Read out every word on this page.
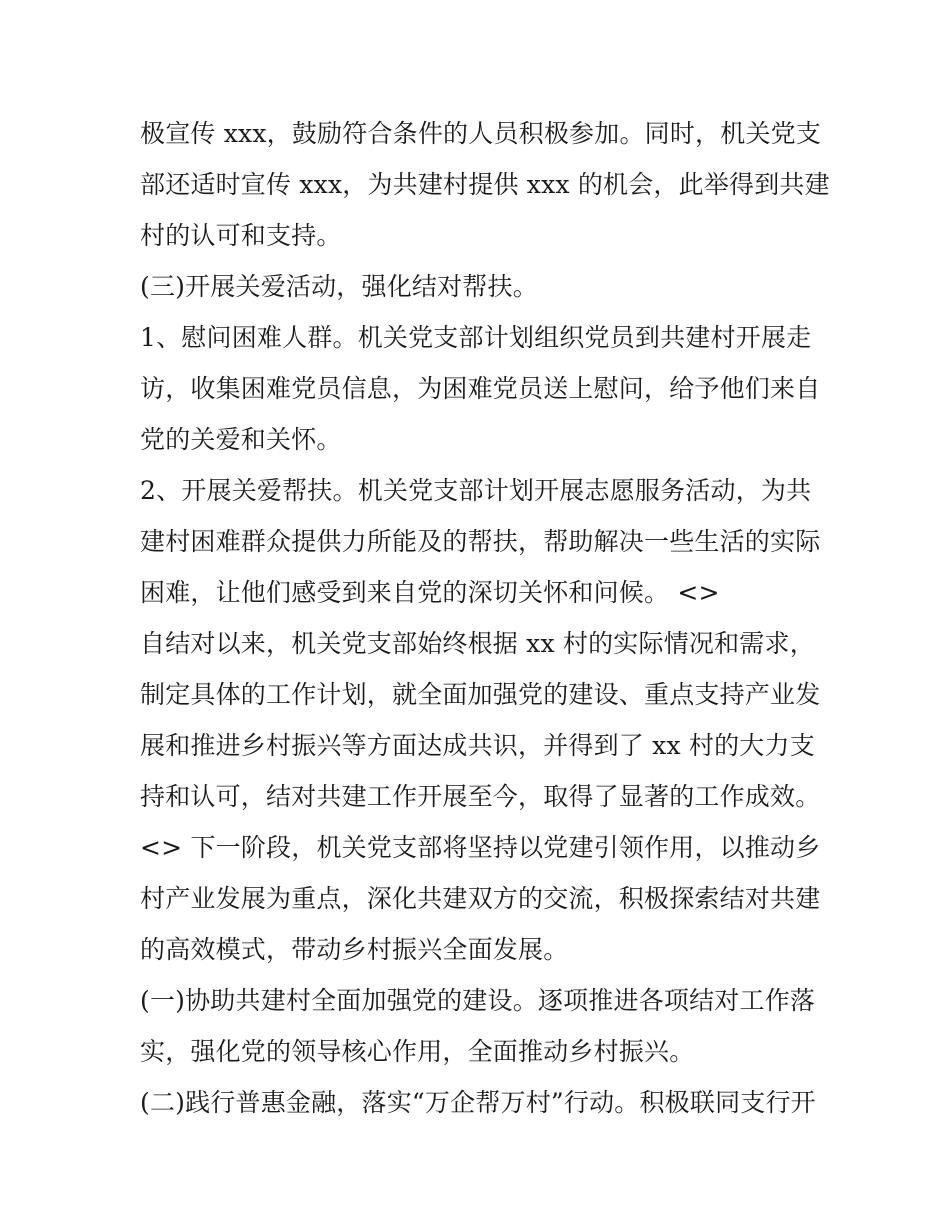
极宣传 xxx，鼓励符合条件的人员积极参加。同时，机关党支
部还适时宣传 xxx，为共建村提供 xxx 的机会，此举得到共建
村的认可和支持。
(三)开展关爱活动，强化结对帮扶。
1、慰问困难人群。机关党支部计划组织党员到共建村开展走
访，收集困难党员信息，为困难党员送上慰问，给予他们来自
党的关爱和关怀。
2、开展关爱帮扶。机关党支部计划开展志愿服务活动，为共
建村困难群众提供力所能及的帮扶，帮助解决一些生活的实际
困难，让他们感受到来自党的深切关怀和问候。 <>
自结对以来，机关党支部始终根据 xx 村的实际情况和需求，
制定具体的工作计划，就全面加强党的建设、重点支持产业发
展和推进乡村振兴等方面达成共识，并得到了 xx 村的大力支
持和认可，结对共建工作开展至今，取得了显著的工作成效。
<> 下一阶段，机关党支部将坚持以党建引领作用，以推动乡
村产业发展为重点，深化共建双方的交流，积极探索结对共建
的高效模式，带动乡村振兴全面发展。
(一)协助共建村全面加强党的建设。逐项推进各项结对工作落
实，强化党的领导核心作用，全面推动乡村振兴。
(二)践行普惠金融，落实“万企帮万村”行动。积极联同支行开
